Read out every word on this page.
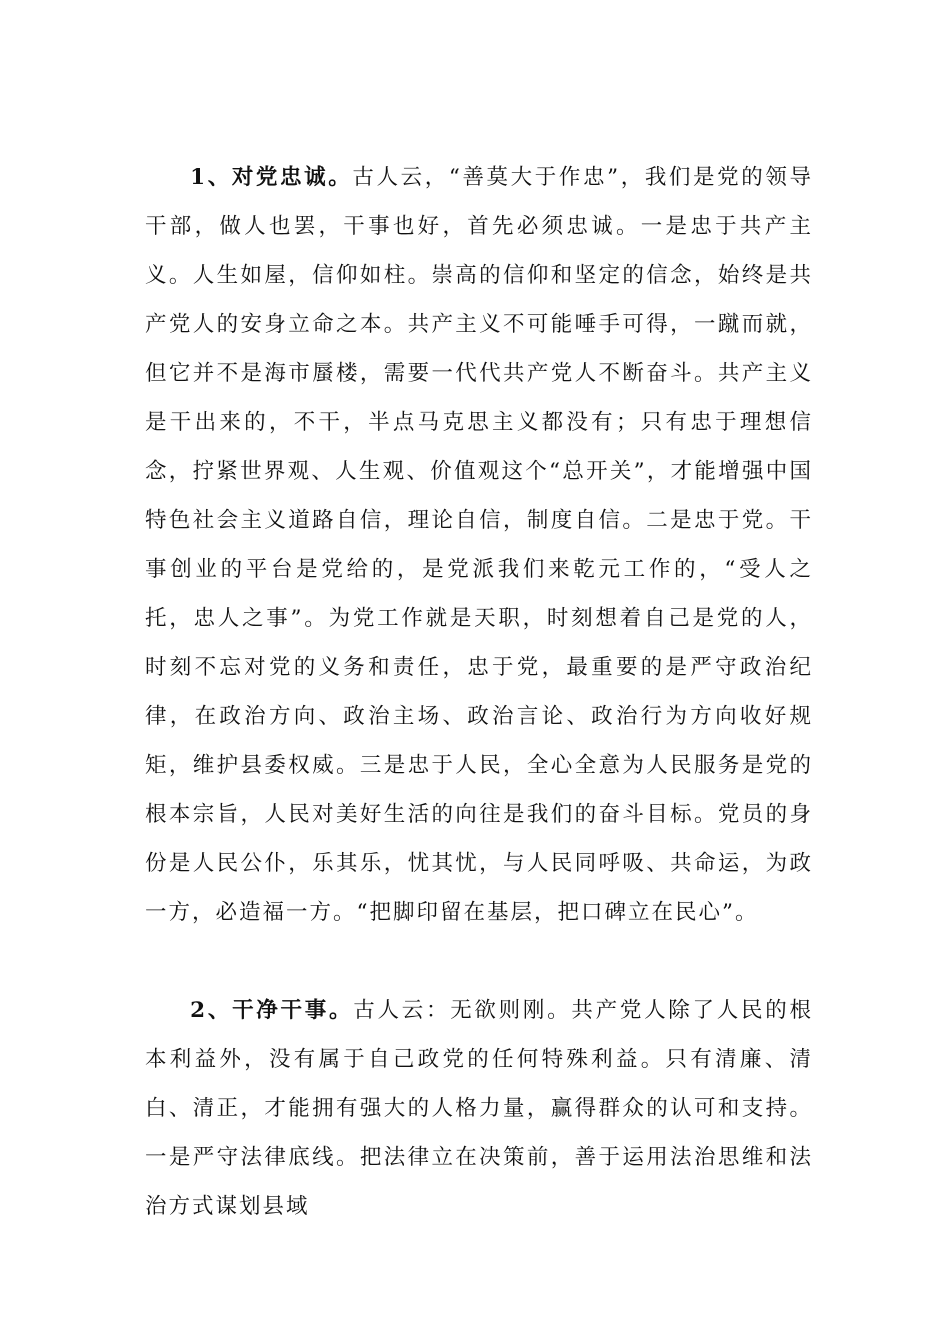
1、对党忠诚。古人云，“善莫大于作忠”，我们是党的领导干部，做人也罢，干事也好，首先必须忠诚。一是忠于共产主义。人生如屋，信仰如柱。崇高的信仰和坚定的信念，始终是共产党人的安身立命之本。共产主义不可能唾手可得，一蹴而就，但它并不是海市蜃楼，需要一代代共产党人不断奋斗。共产主义是干出来的，不干，半点马克思主义都没有；只有忠于理想信念，拧紧世界观、人生观、价值观这个“总开关”，才能增强中国特色社会主义道路自信，理论自信，制度自信。二是忠于党。干事创业的平台是党给的，是党派我们来乾元工作的，“受人之托，忠人之事”。为党工作就是天职，时刻想着自己是党的人，时刻不忘对党的义务和责任，忠于党，最重要的是严守政治纪律，在政治方向、政治主场、政治言论、政治行为方向收好规矩，维护县委权威。三是忠于人民，全心全意为人民服务是党的根本宗旨，人民对美好生活的向往是我们的奋斗目标。党员的身份是人民公仆，乐其乐，忧其忧，与人民同呼吸、共命运，为政一方，必造福一方。“把脚印留在基层，把口碑立在民心”。

2、干净干事。古人云：无欲则刚。共产党人除了人民的根本利益外，没有属于自己政党的任何特殊利益。只有清廉、清白、清正，才能拥有强大的人格力量，赢得群众的认可和支持。一是严守法律底线。把法律立在决策前，善于运用法治思维和法治方式谋划县域
